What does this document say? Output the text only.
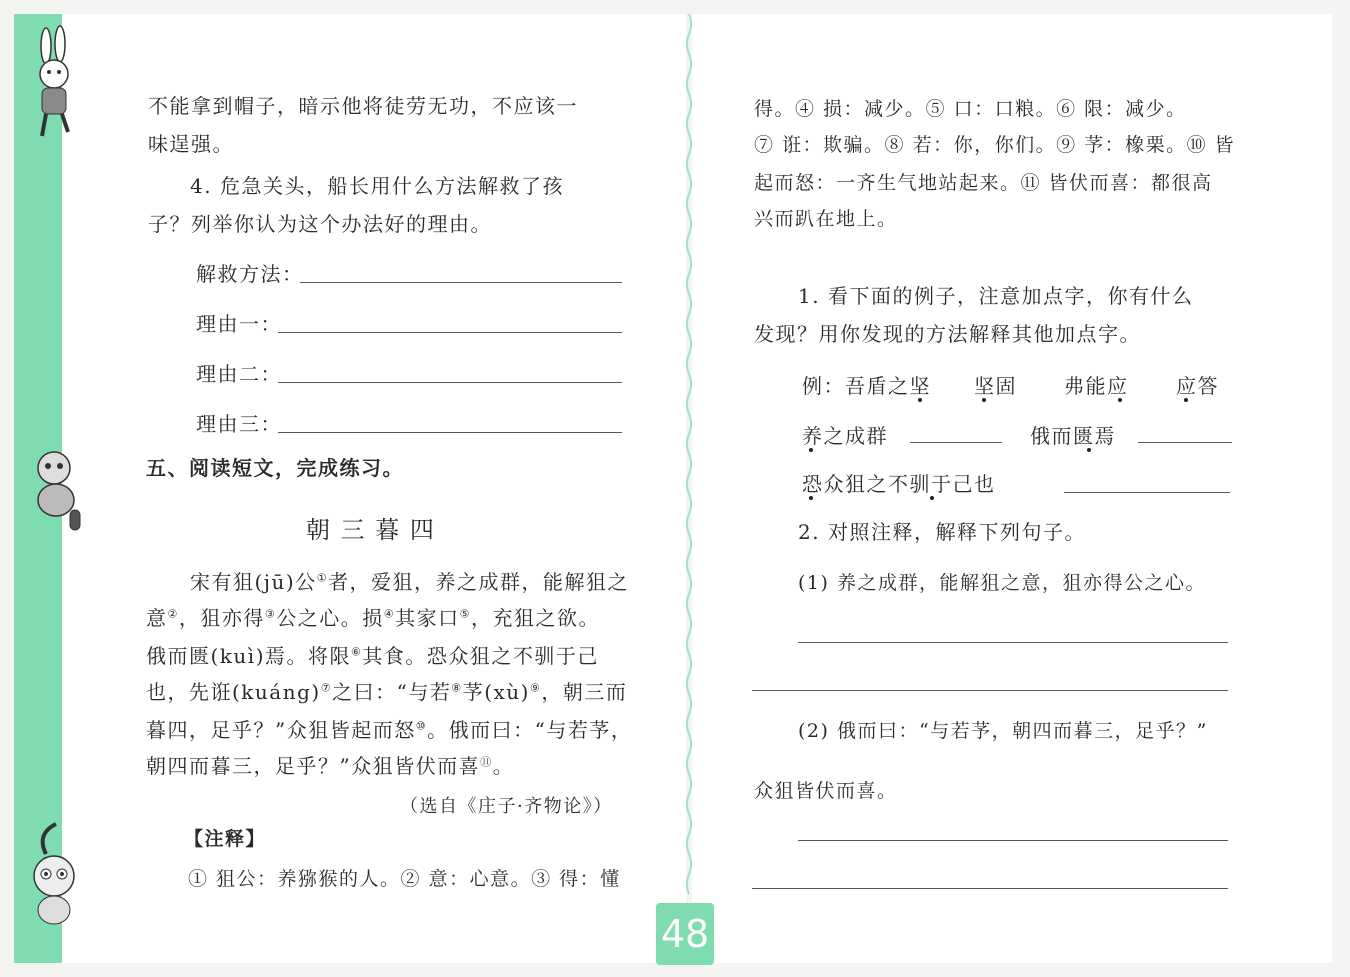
不能拿到帽子，暗示他将徒劳无功，不应该一
味逞强。
4. 危急关头，船长用什么方法解救了孩
子？列举你认为这个办法好的理由。
解救方法：
理由一：
理由二：
理由三：
五、阅读短文，完成练习。
朝 三 暮 四
宋有狙(jū)公①者，爱狙，养之成群，能解狙之
意②，狙亦得③公之心。损④其家口⑤，充狙之欲。
俄而匮(kuì)焉。将限⑥其食。恐众狙之不驯于己
也，先诳(kuáng)⑦之曰：“与若⑧芧(xù)⑨，朝三而
暮四，足乎？”众狙皆起而怒⑩。俄而曰：“与若芧，
朝四而暮三，足乎？”众狙皆伏而喜⑪。
（选自《庄子·齐物论》）
【注释】
① 狙公：养猕猴的人。② 意：心意。③ 得：懂
得。④ 损：减少。⑤ 口：口粮。⑥ 限：减少。
⑦ 诳：欺骗。⑧ 若：你，你们。⑨ 芧：橡栗。⑩ 皆
起而怒：一齐生气地站起来。⑪ 皆伏而喜：都很高
兴而趴在地上。
1. 看下面的例子，注意加点字，你有什么
发现？用你发现的方法解释其他加点字。
例：吾盾之坚 坚固 弗能应 应答
养之成群	俄而匮焉
恐众狙之不驯于己也
2. 对照注释，解释下列句子。
(1) 养之成群，能解狙之意，狙亦得公之心。
(2) 俄而曰：“与若芧，朝四而暮三，足乎？”
众狙皆伏而喜。
48
